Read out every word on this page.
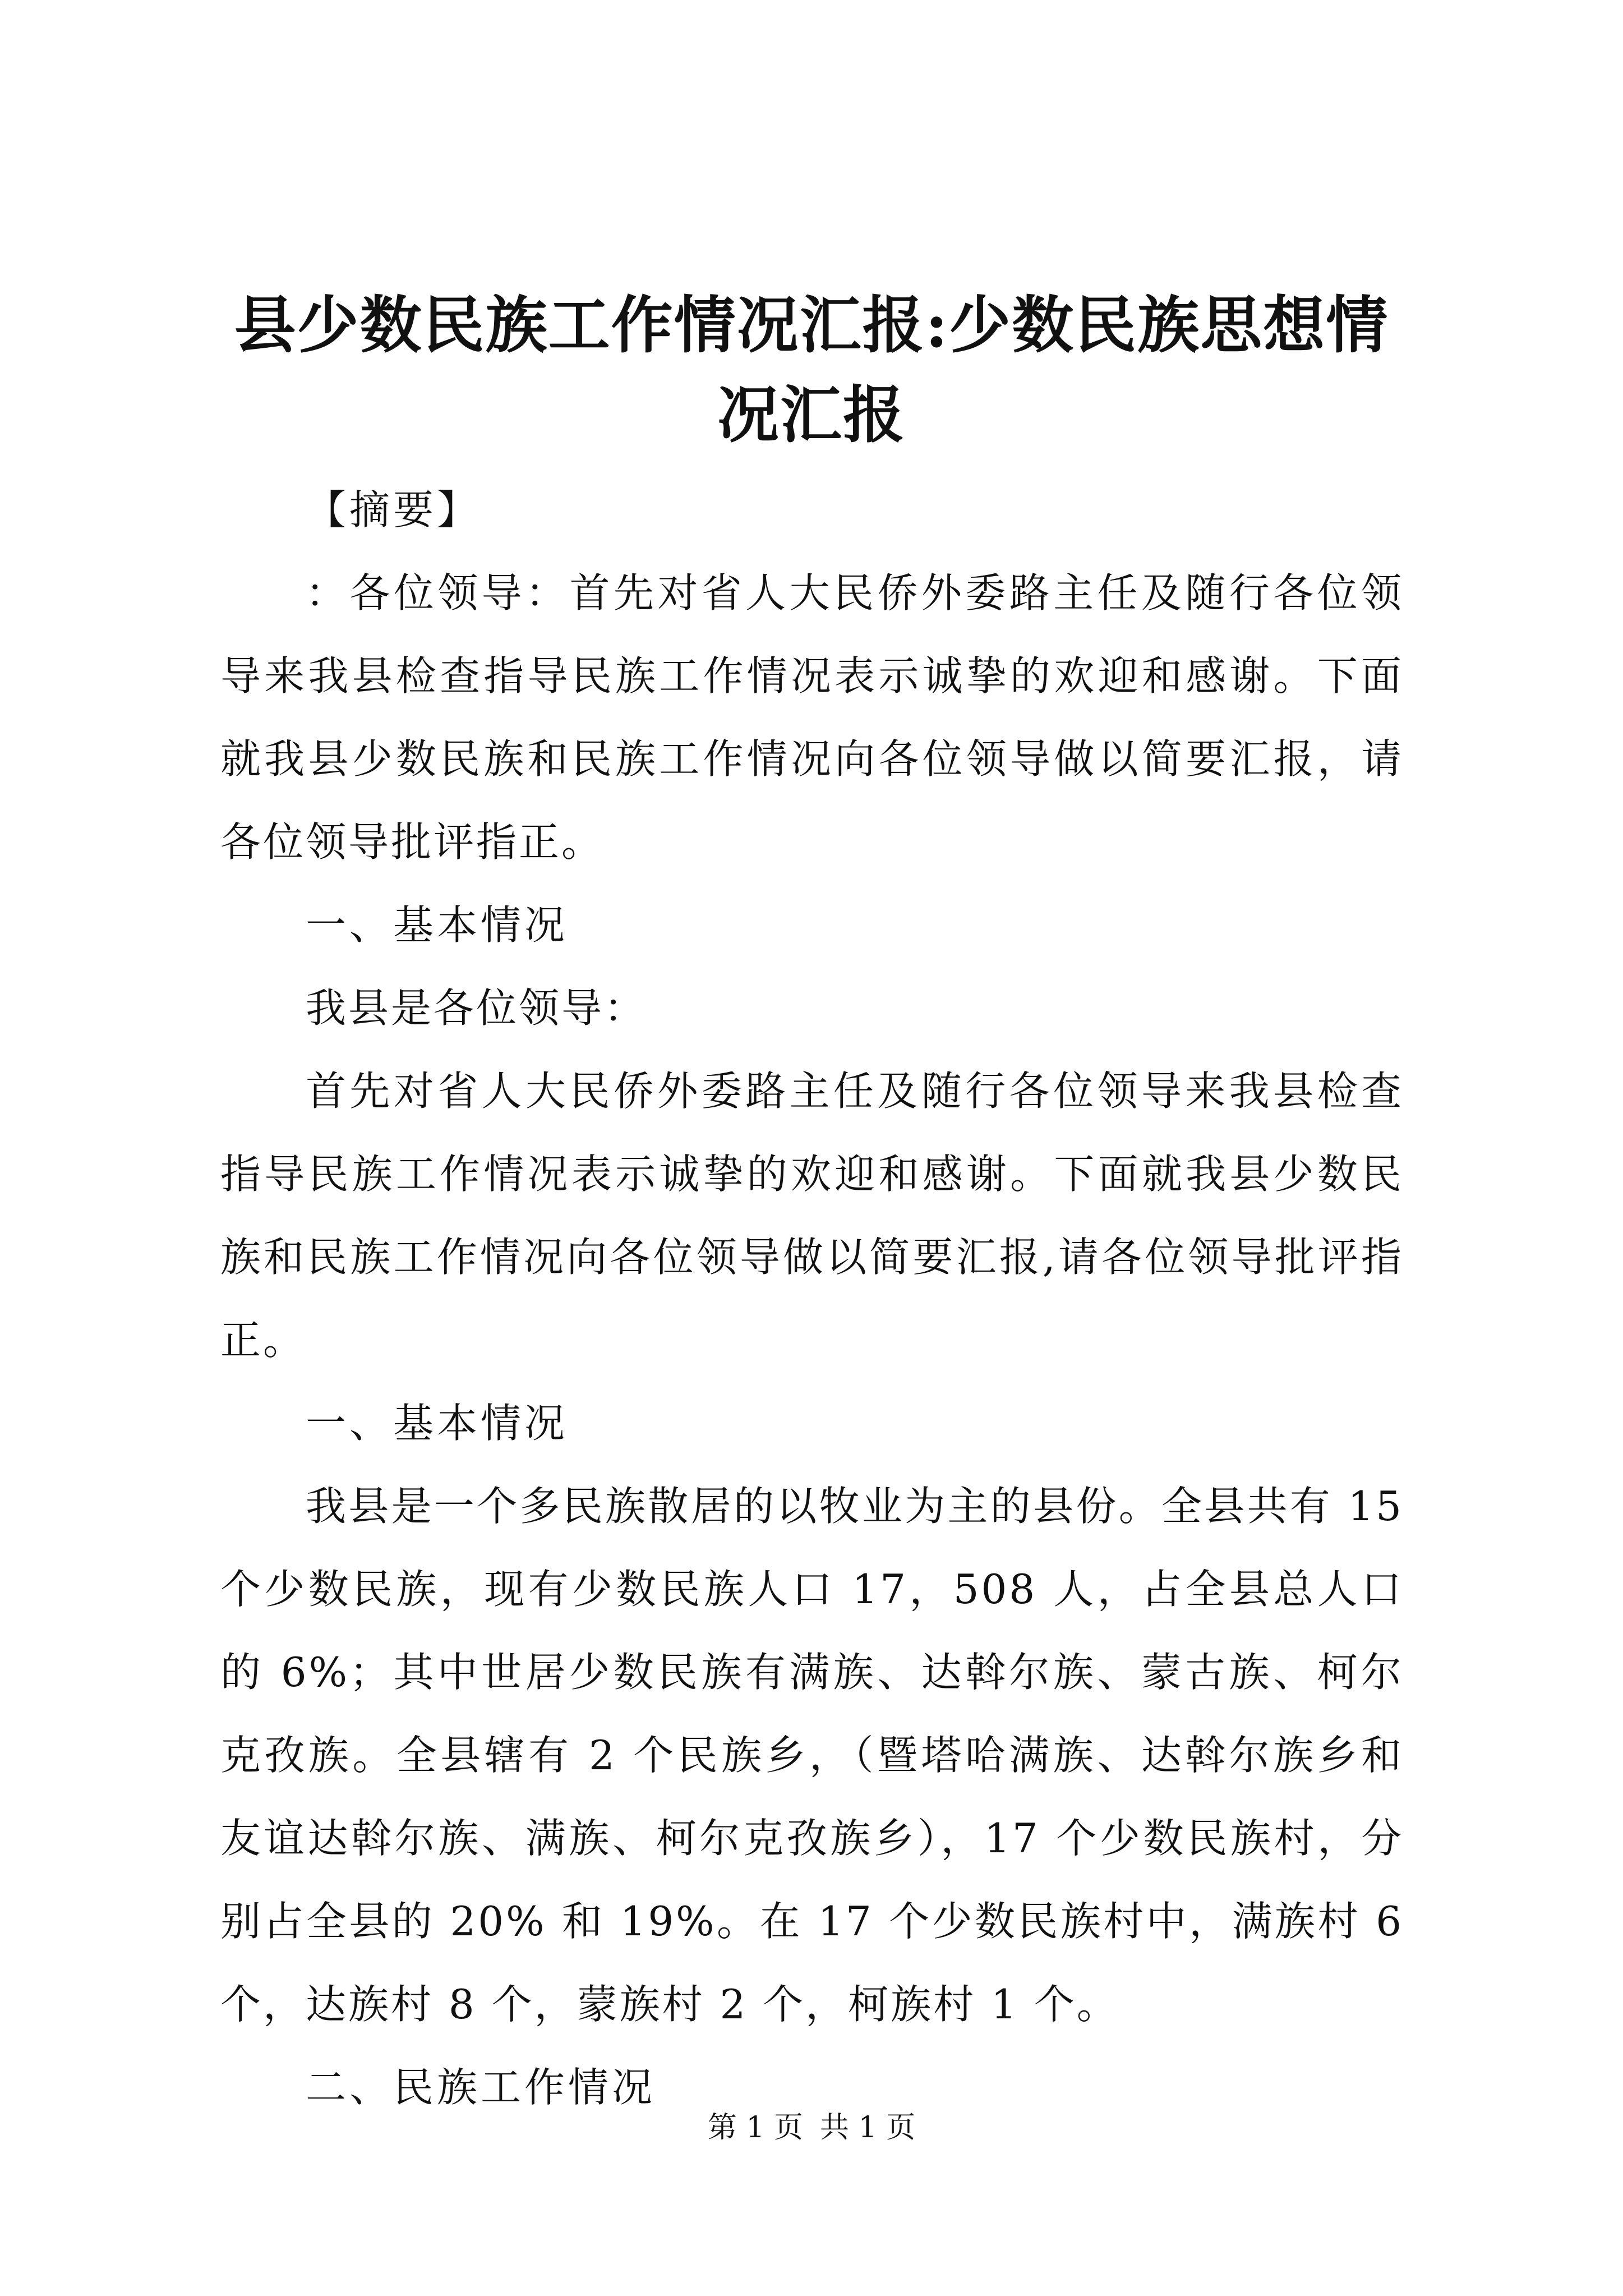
县少数民族工作情况汇报:少数民族思想情况汇报

【摘要】

：各位领导：首先对省人大民侨外委路主任及随行各位领导来我县检查指导民族工作情况表示诚挚的欢迎和感谢。下面就我县少数民族和民族工作情况向各位领导做以简要汇报，请各位领导批评指正。

一、基本情况

我县是各位领导：

首先对省人大民侨外委路主任及随行各位领导来我县检查指导民族工作情况表示诚挚的欢迎和感谢。下面就我县少数民族和民族工作情况向各位领导做以简要汇报,请各位领导批评指正。

一、基本情况

我县是一个多民族散居的以牧业为主的县份。全县共有 15 个少数民族，现有少数民族人口 17，508 人，占全县总人口的 6%；其中世居少数民族有满族、达斡尔族、蒙古族、柯尔克孜族。全县辖有 2 个民族乡，（暨塔哈满族、达斡尔族乡和友谊达斡尔族、满族、柯尔克孜族乡），17 个少数民族村，分别占全县的 20% 和 19%。在 17 个少数民族村中，满族村 6 个，达族村 8 个，蒙族村 2 个，柯族村 1 个。

二、民族工作情况

第 1 页 共 1 页
